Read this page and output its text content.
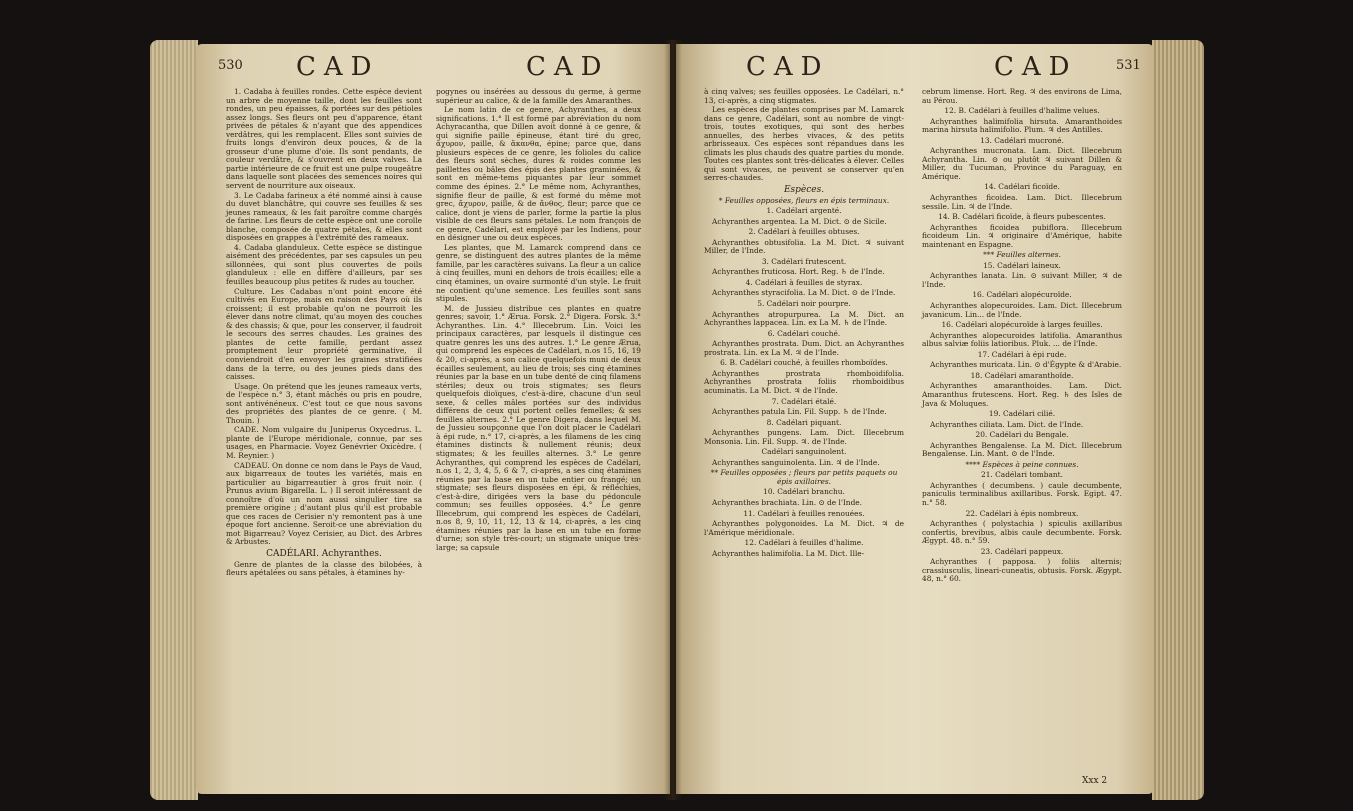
530 CAD	CAD

1. Cadaba à feuilles rondes. Cette espèce devient un arbre de moyenne taille, dont les feuilles sont rondes, un peu épaisses, & portées sur des pétioles assez longs. Ses fleurs ont peu d'apparence, étant privées de pétales & n'ayant que des appendices verdâtres, qui les remplacent. Elles sont suivies de fruits longs d'environ deux pouces, & de la grosseur d'une plume d'oie. Ils sont pendants, de couleur verdâtre, & s'ouvrent en deux valves. La partie intérieure de ce fruit est une pulpe rougeâtre dans laquelle sont placées des semences noires qui servent de nourriture aux oiseaux.

3. Le Cadaba farineux a été nommé ainsi à cause du duvet blanchâtre, qui couvre ses feuilles & ses jeunes rameaux, & les fait paroître comme chargés de farine. Les fleurs de cette espèce ont une corolle blanche, composée de quatre pétales, & elles sont disposées en grappes à l'extrémité des rameaux.

4. Cadaba glanduleux. Cette espèce se distingue aisément des précédentes, par ses capsules un peu sillonnées, qui sont plus couvertes de poils glanduleux : elle en diffère d'ailleurs, par ses feuilles beaucoup plus petites & rudes au toucher.

Culture. Les Cadabas n'ont point encore été cultivés en Europe, mais en raison des Pays où ils croissent; il est probable qu'on ne pourroit les élever dans notre climat, qu'au moyen des couches & des chassis; & que, pour les conserver, il faudroit le secours des serres chaudes. Les graines des plantes de cette famille, perdant assez promptement leur propriété germinative, il conviendroit d'en envoyer les graines stratifiées dans de la terre, ou des jeunes pieds dans des caisses.

Usage. On prétend que les jeunes rameaux verts, de l'espèce n.° 3, étant mâchés ou pris en poudre, sont antivénéneux. C'est tout ce que nous savons des propriétés des plantes de ce genre. ( M. Thouin. )

CADE. Nom vulgaire du Juniperus Oxycedrus. L. plante de l'Europe méridionale, connue, par ses usages, en Pharmacie. Voyez Genévrier Oxicèdre. ( M. Reynier. )

CADEAU. On donne ce nom dans le Pays de Vaud, aux bigarreaux de toutes les variétés, mais en particulier au bigarreautier à gros fruit noir. ( Prunus avium Bigarella. L. ) Il seroit intéressant de connoître d'où un nom aussi singulier tire sa première origine ; d'autant plus qu'il est probable que ces races de Cerisier n'y remontent pas à une époque fort ancienne. Seroit-ce une abréviation du mot Bigarreau? Voyez Cerisier, au Dict. des Arbres & Arbustes.

CADÉLARI. Achyranthes.

Genre de plantes de la classe des bilobées, à fleurs apétalées ou sans pétales, à étamines hy-

pogynes ou insérées au dessous du germe, à germe supérieur au calice, & de la famille des Amaranthes.

Le nom latin de ce genre, Achyranthes, a deux significations. 1.° Il est formé par abréviation du nom Achyracantha, que Dillen avoit donné à ce genre, & qui signifie paille épineuse, étant tiré du grec, ἄχυρον, paille, & ἄκανθα, épine; parce que, dans plusieurs espèces de ce genre, les folioles du calice des fleurs sont sèches, dures & roides comme les paillettes ou bâles des épis des plantes graminées, & sont en même-tems piquantes par leur sommet comme des épines. 2.° Le même nom, Achyranthes, signifie fleur de paille, & est formé du même mot grec, ἄχυρον, paille, & de ἄνθος, fleur; parce que ce calice, dont je viens de parler, forme la partie la plus visible de ces fleurs sans pétales. Le nom françois de ce genre, Cadélari, est employé par les Indiens, pour en désigner une ou deux espèces.

Les plantes, que M. Lamarck comprend dans ce genre, se distinguent des autres plantes de la même famille, par les caractères suivans. La fleur a un calice à cinq feuilles, muni en dehors de trois écailles; elle a cinq étamines, un ovaire surmonté d'un style. Le fruit ne contient qu'une semence. Les feuilles sont sans stipules.

M. de Jussieu distribue ces plantes en quatre genres; savoir, 1.° Ærua. Forsk. 2.° Digera. Forsk. 3.° Achyranthes. Lin. 4.° Illecebrum. Lin. Voici les principaux caractères, par lesquels il distingue ces quatre genres les uns des autres. 1.° Le genre Ærua, qui comprend les espèces de Cadélari, n.os 15, 16, 19 & 20, ci-après, a son calice quelquefois muni de deux écailles seulement, au lieu de trois; ses cinq étamines réunies par la base en un tube denté de cinq filamens stériles; deux ou trois stigmates; ses fleurs quelquefois dioïques, c'est-à-dire, chacune d'un seul sexe, & celles mâles portées sur des individus différens de ceux qui portent celles femelles; & ses feuilles alternes. 2.° Le genre Digera, dans lequel M. de Jussieu soupçonne que l'on doit placer le Cadélari à épi rude, n.° 17, ci-après, a les filamens de les cinq étamines distincts & nullement réunis; deux stigmates; & les feuilles alternes. 3.° Le genre Achyranthes, qui comprend les espèces de Cadélari, n.os 1, 2, 3, 4, 5, 6 & 7, ci-après, a ses cinq étamines réunies par la base en un tube entier ou frangé; un stigmate; ses fleurs disposées en épi, & réfléchies, c'est-à-dire, dirigées vers la base du pédoncule commun; ses feuilles opposées. 4.° Le genre Illecebrum, qui comprend les espèces de Cadélari, n.os 8, 9, 10, 11, 12, 13 & 14, ci-après, a les cinq étamines réunies par la base en un tube en forme d'urne; son style très-court; un stigmate unique très-large; sa capsule

CAD	CAD	531

à cinq valves; ses feuilles opposées. Le Cadélari, n.° 13, ci-après, a cinq stigmates.

Les espèces de plantes comprises par M. Lamarck dans ce genre, Cadélari, sont au nombre de vingt-trois, toutes exotiques, qui sont des herbes annuelles, des herbes vivaces, & des petits arbrisseaux. Ces espèces sont répandues dans les climats les plus chauds des quatre parties du monde. Toutes ces plantes sont très-délicates à élever. Celles qui sont vivaces, ne peuvent se conserver qu'en serres-chaudes.

Espèces.

* Feuilles opposées, fleurs en épis terminaux.

1. Cadélari argenté.

Achyranthes argentea. La M. Dict. ⊙ de Sicile.

2. Cadélari à feuilles obtuses.

Achyranthes obtusifolia. La M. Dict. ♃ suivant Miller, de l'Inde.

3. Cadélari frutescent.

Achyranthes fruticosa. Hort. Reg. ♄ de l'Inde.

4. Cadélari à feuilles de styrax.

Achyranthes styracifolia. La M. Dict. ⊙ de l'Inde.

5. Cadélari noir pourpre.

Achyranthes atropurpurea. La M. Dict. an Achyranthes lappacea. Lin. ex La M. ♄ de l'Inde.

6. Cadélari couché.

Achyranthes prostrata. Dum. Dict. an Achyranthes prostrata. Lin. ex La M. ♃ de l'Inde.

6. B. Cadélari couché, à feuilles rhomboïdes.

Achyranthes prostrata rhomboidifolia. Achyranthes prostrata foliis rhomboidibus acuminatis. La M. Dict. ♃ de l'Inde.

7. Cadélari étalé.

Achyranthes patula Lin. Fil. Supp. ♄ de l'Inde.

8. Cadélari piquant.

Achyranthes pungens. Lam. Dict. Illecebrum Monsonia. Lin. Fil. Supp. ♃. de l'Inde.

Cadélari sanguinolent.

Achyranthes sanguinolenta. Lin. ♃ de l'Inde.

** Feuilles opposées ; fleurs par petits paquets ou épis axillaires.

10. Cadélari branchu.

Achyranthes brachiata. Lin. ⊙ de l'Inde.

11. Cadélari à feuilles renouées.

Achyranthes polygonoides. La M. Dict. ♃ de l'Amérique méridionale.

12. Cadélari à feuilles d'halime.

Achyranthes halimifolia. La M. Dict. Ille-

cebrum limense. Hort. Reg. ♃ des environs de Lima, au Pérou.

12. B. Cadélari à feuilles d'halime velues.

Achyranthes halimifolia hirsuta. Amaranthoides marina hirsuta halimifolio. Plum. ♃ des Antilles.

13. Cadélari mucroné.

Achyranthes mucronata. Lam. Dict. Illecebrum Achyrantha. Lin. ⊙ ou plutôt ♃ suivant Dillen & Miller, du Tucuman, Province du Paraguay, en Amérique.

14. Cadélari ficoïde.

Achyranthes ficoidea. Lam. Dict. Illecebrum sessile. Lin. ♃ de l'Inde.

14. B. Cadélari ficoïde, à fleurs pubescentes.

Achyranthes ficoidea pubiflora. Illecebrum ficoideum Lin. ♃ originaire d'Amérique, habite maintenant en Espagne.

*** Feuilles alternes.

15. Cadélari laineux.

Achyranthes lanata. Lin. ⊙ suivant Miller, ♃ de l'Inde.

16. Cadélari alopécuroïde.

Achyranthes alopecuroides. Lam. Dict. Illecebrum javanicum. Lin... de l'Inde.

16. Cadélari alopécuroïde à larges feuilles.

Achyranthes alopecuroides latifolia. Amaranthus albus salviæ foliis latioribus. Pluk. ... de l'Inde.

17. Cadélari à épi rude.

Achyranthes muricata. Lin. ⊙ d'Égypte & d'Arabie.

18. Cadélari amaranthoïde.

Achyranthes amaranthoides. Lam. Dict. Amaranthus frutescens. Hort. Reg. ♄ des Isles de Java & Moluques.

19. Cadélari cilié.

Achyranthes ciliata. Lam. Dict. de l'Inde.

20. Cadélari du Bengale.

Achyranthes Bengalense. La M. Dict. Illecebrum Bengalense. Lin. Mant. ⊙ de l'Inde.

**** Espèces à peine connues.

21. Cadélari tombant.

Achyranthes ( decumbens. ) caule decumbente, paniculis terminalibus axillaribus. Forsk. Egipt. 47. n.° 58.

22. Cadélari à épis nombreux.

Achyranthes ( polystachia ) spiculis axillaribus confertis, brevibus, albis caule decumbente. Forsk. Ægypt. 48. n.° 59.

23. Cadélari pappeux.

Achyranthes ( papposa. ) foliis alternis; crassiusculis, lineari-cuneatis, obtusis. Forsk. Ægypt. 48, n.° 60.

Xxx 2
